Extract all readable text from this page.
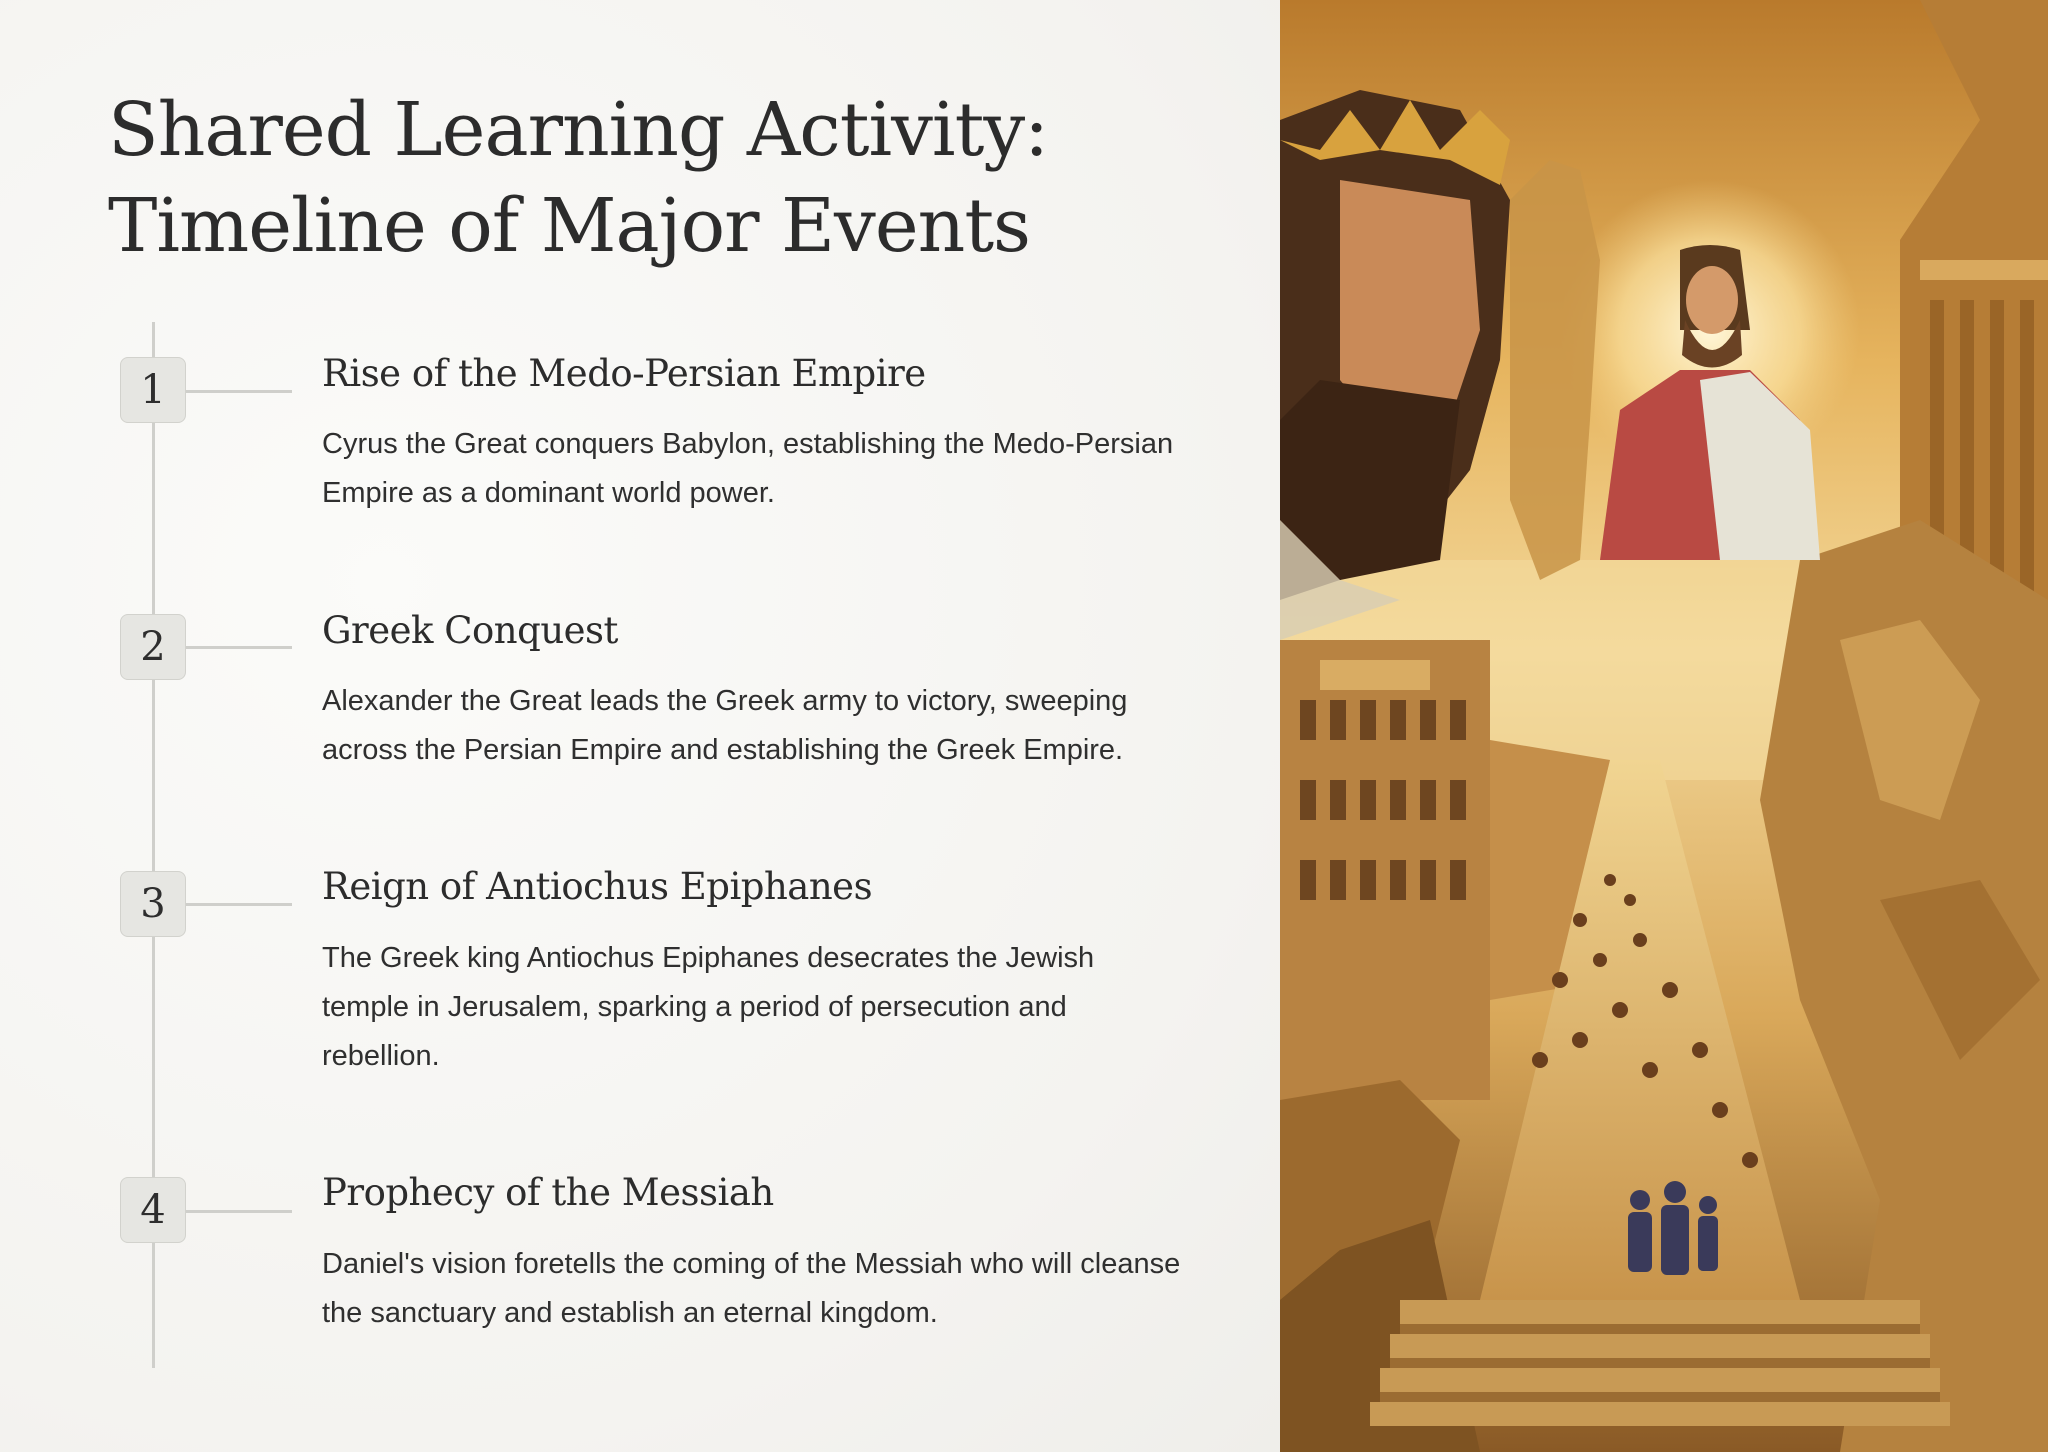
Shared Learning Activity:
Timeline of Major Events
1	Rise of the Medo-Persian Empire

Cyrus the Great conquers Babylon, establishing the Medo-Persian Empire as a dominant world power.

2	Greek Conquest

Alexander the Great leads the Greek army to victory, sweeping across the Persian Empire and establishing the Greek Empire.

3	Reign of Antiochus Epiphanes

The Greek king Antiochus Epiphanes desecrates the Jewish temple in Jerusalem, sparking a period of persecution and rebellion.

4	Prophecy of the Messiah

Daniel's vision foretells the coming of the Messiah who will cleanse the sanctuary and establish an eternal kingdom.
